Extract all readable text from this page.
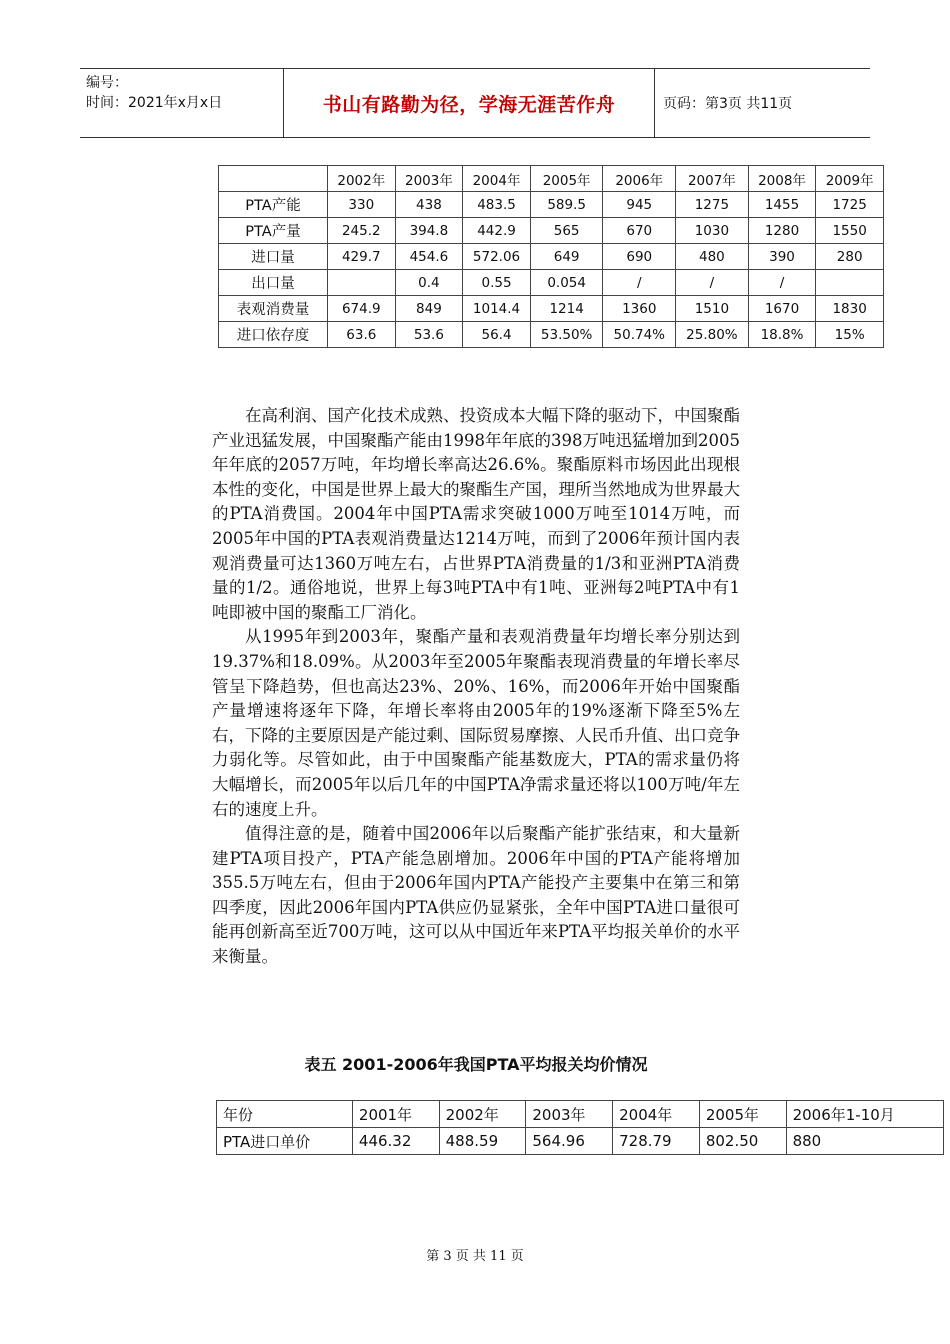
编号：
时间：2021年x月x日	书山有路勤为径，学海无涯苦作舟	页码：第3页 共11页
	2002年	2003年	2004年	2005年	2006年	2007年	2008年	2009年
PTA产能	330	438	483.5	589.5	945	1275	1455	1725
PTA产量	245.2	394.8	442.9	565	670	1030	1280	1550
进口量	429.7	454.6	572.06	649	690	480	390	280
出口量		0.4	0.55	0.054	/	/	/	
表观消费量	674.9	849	1014.4	1214	1360	1510	1670	1830
进口依存度	63.6	53.6	56.4	53.50%	50.74%	25.80%	18.8%	15%

在高利润、国产化技术成熟、投资成本大幅下降的驱动下，中国聚酯产业迅猛发展，中国聚酯产能由1998年年底的398万吨迅猛增加到2005年年底的2057万吨，年均增长率高达26.6%。聚酯原料市场因此出现根本性的变化，中国是世界上最大的聚酯生产国，理所当然地成为世界最大的PTA消费国。2004年中国PTA需求突破1000万吨至1014万吨，而2005年中国的PTA表观消费量达1214万吨，而到了2006年预计国内表观消费量可达1360万吨左右，占世界PTA消费量的1/3和亚洲PTA消费量的1/2。通俗地说，世界上每3吨PTA中有1吨、亚洲每2吨PTA中有1吨即被中国的聚酯工厂消化。

从1995年到2003年，聚酯产量和表观消费量年均增长率分别达到19.37%和18.09%。从2003年至2005年聚酯表现消费量的年增长率尽管呈下降趋势，但也高达23%、20%、16%，而2006年开始中国聚酯产量增速将逐年下降，年增长率将由2005年的19%逐渐下降至5%左右，下降的主要原因是产能过剩、国际贸易摩擦、人民币升值、出口竞争力弱化等。尽管如此，由于中国聚酯产能基数庞大，PTA的需求量仍将大幅增长，而2005年以后几年的中国PTA净需求量还将以100万吨/年左右的速度上升。

值得注意的是，随着中国2006年以后聚酯产能扩张结束，和大量新建PTA项目投产，PTA产能急剧增加。2006年中国的PTA产能将增加355.5万吨左右，但由于2006年国内PTA产能投产主要集中在第三和第四季度，因此2006年国内PTA供应仍显紧张，全年中国PTA进口量很可能再创新高至近700万吨，这可以从中国近年来PTA平均报关单价的水平来衡量。

表五 2001-2006年我国PTA平均报关均价情况
年份	2001年	2002年	2003年	2004年	2005年	2006年1-10月
PTA进口单价	446.32	488.59	564.96	728.79	802.50	880
第 3 页 共 11 页
